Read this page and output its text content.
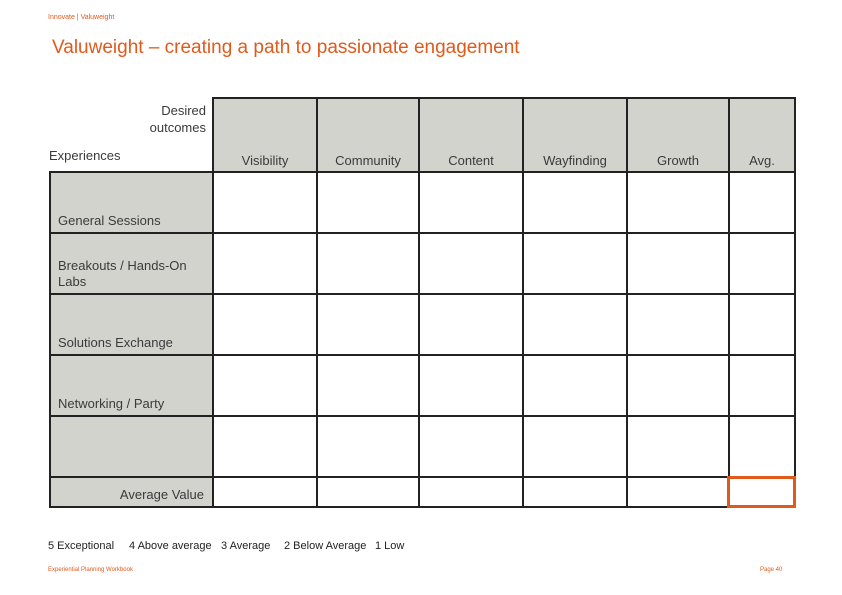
Innovate | Valuweight
Valuweight – creating a path to passionate engagement
Desired outcomes
Experiences	Visibility	Community	Content	Wayfinding	Growth	Avg.
General Sessions
Breakouts / Hands-On Labs
Solutions Exchange
Networking / Party
Average Value
5 Exceptional 4 Above average 3 Average 2 Below Average 1 Low
Experiential Planning Workbook	Page 40
